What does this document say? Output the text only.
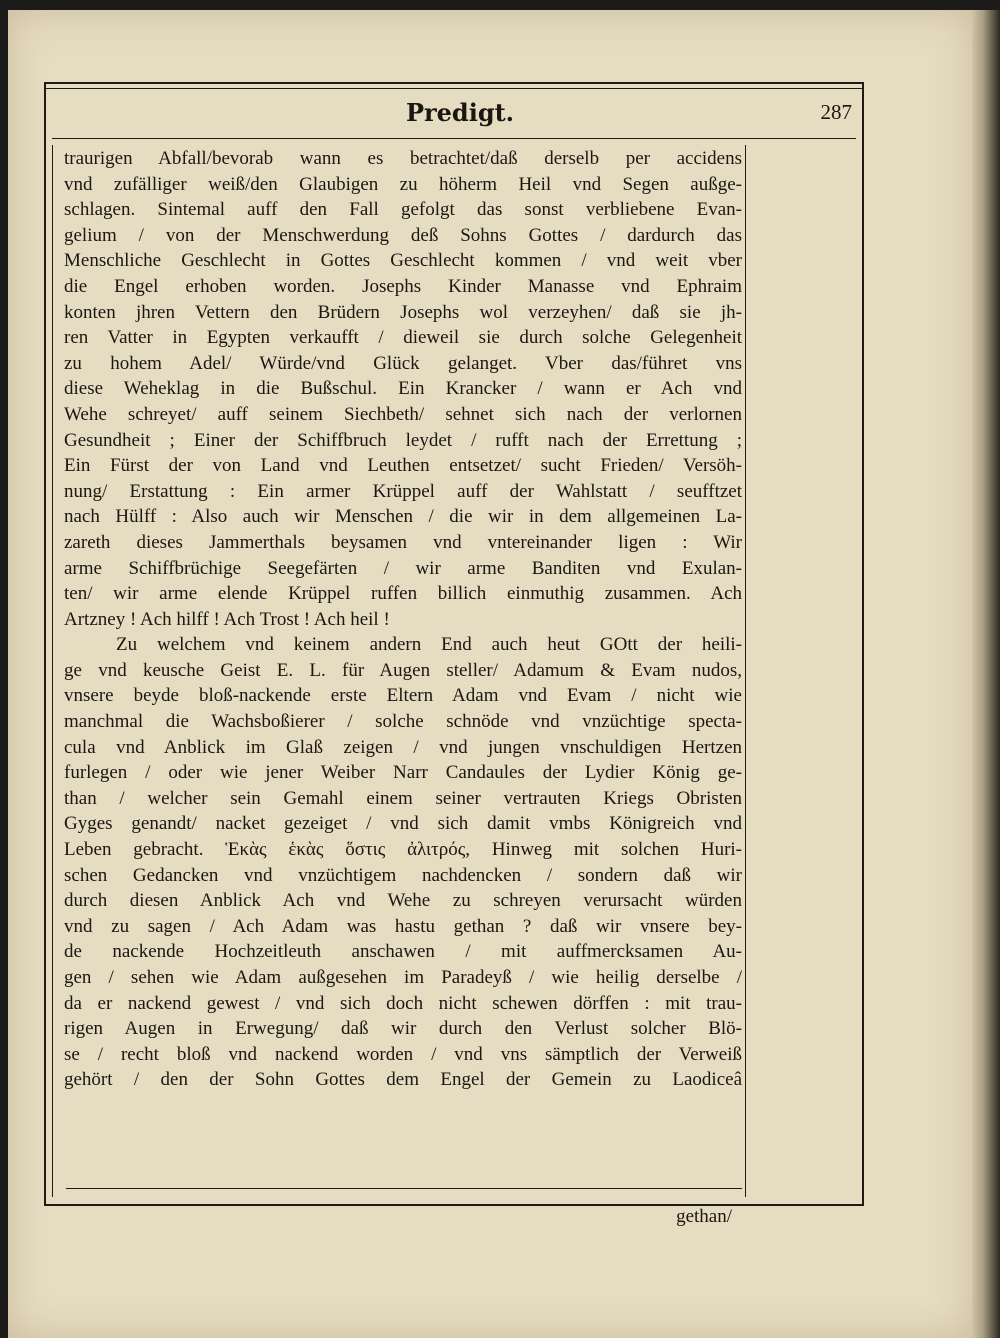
Predigt.	287
traurigen Abfall/bevorab wann es betrachtet/daß derselb per accidens
vnd zufälliger weiß/den Glaubigen zu höherm Heil vnd Segen außge-
schlagen. Sintemal auff den Fall gefolgt das sonst verbliebene Evan-
gelium / von der Menschwerdung deß Sohns Gottes / dardurch das
Menschliche Geschlecht in Gottes Geschlecht kommen / vnd weit vber
die Engel erhoben worden. Josephs Kinder Manasse vnd Ephraim
konten jhren Vettern den Brüdern Josephs wol verzeyhen/ daß sie jh-
ren Vatter in Egypten verkaufft / dieweil sie durch solche Gelegenheit
zu hohem Adel/ Würde/vnd Glück gelanget. Vber das/führet vns
diese Weheklag in die Bußschul. Ein Krancker / wann er Ach vnd
Wehe schreyet/ auff seinem Siechbeth/ sehnet sich nach der verlornen
Gesundheit ; Einer der Schiffbruch leydet / rufft nach der Errettung ;
Ein Fürst der von Land vnd Leuthen entsetzet/ sucht Frieden/ Versöh-
nung/ Erstattung : Ein armer Krüppel auff der Wahlstatt / seufftzet
nach Hülff : Also auch wir Menschen / die wir in dem allgemeinen La-
zareth dieses Jammerthals beysamen vnd vntereinander ligen : Wir
arme Schiffbrüchige Seegefärten / wir arme Banditen vnd Exulan-
ten/ wir arme elende Krüppel ruffen billich einmuthig zusammen. Ach
Artzney ! Ach hilff ! Ach Trost ! Ach heil !
Zu welchem vnd keinem andern End auch heut GOtt der heili-
ge vnd keusche Geist E. L. für Augen steller/ Adamum & Evam nudos,
vnsere beyde bloß-nackende erste Eltern Adam vnd Evam / nicht wie
manchmal die Wachsboßierer / solche schnöde vnd vnzüchtige specta-
cula vnd Anblick im Glaß zeigen / vnd jungen vnschuldigen Hertzen
furlegen / oder wie jener Weiber Narr Candaules der Lydier König ge-
than / welcher sein Gemahl einem seiner vertrauten Kriegs Obristen
Gyges genandt/ nacket gezeiget / vnd sich damit vmbs Königreich vnd
Leben gebracht. Ἑκὰς ἑκὰς ὅστις ἀλιτρός, Hinweg mit solchen Huri-
schen Gedancken vnd vnzüchtigem nachdencken / sondern daß wir
durch diesen Anblick Ach vnd Wehe zu schreyen verursacht würden
vnd zu sagen / Ach Adam was hastu gethan ? daß wir vnsere bey-
de nackende Hochzeitleuth anschawen / mit auffmercksamen Au-
gen / sehen wie Adam außgesehen im Paradeyß / wie heilig derselbe /
da er nackend gewest / vnd sich doch nicht schewen dörffen : mit trau-
rigen Augen in Erwegung/ daß wir durch den Verlust solcher Blö-
se / recht bloß vnd nackend worden / vnd vns sämptlich der Verweiß
gehört / den der Sohn Gottes dem Engel der Gemein zu Laodiceâ
gethan/
